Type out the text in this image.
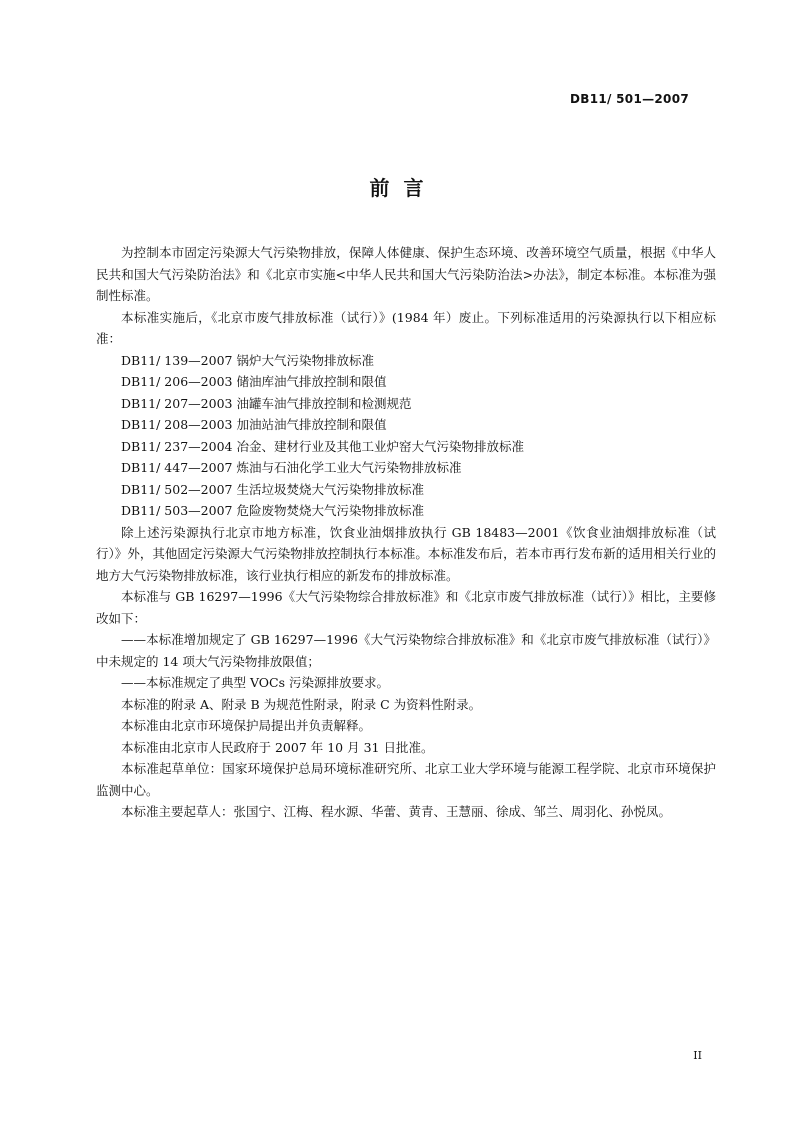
DB11/ 501—2007
前言

为控制本市固定污染源大气污染物排放，保障人体健康、保护生态环境、改善环境空气质量，根据《中华人民共和国大气污染防治法》和《北京市实施<中华人民共和国大气污染防治法>办法》，制定本标准。本标准为强制性标准。

本标准实施后，《北京市废气排放标准（试行）》(1984 年）废止。下列标准适用的污染源执行以下相应标准：

DB11/ 139—2007 锅炉大气污染物排放标准

DB11/ 206—2003 储油库油气排放控制和限值

DB11/ 207—2003 油罐车油气排放控制和检测规范

DB11/ 208—2003 加油站油气排放控制和限值

DB11/ 237—2004 冶金、建材行业及其他工业炉窑大气污染物排放标准

DB11/ 447—2007 炼油与石油化学工业大气污染物排放标准

DB11/ 502—2007 生活垃圾焚烧大气污染物排放标准

DB11/ 503—2007 危险废物焚烧大气污染物排放标准

除上述污染源执行北京市地方标准，饮食业油烟排放执行 GB 18483—2001《饮食业油烟排放标准（试行）》外，其他固定污染源大气污染物排放控制执行本标准。本标准发布后，若本市再行发布新的适用相关行业的地方大气污染物排放标准，该行业执行相应的新发布的排放标准。

本标准与 GB 16297—1996《大气污染物综合排放标准》和《北京市废气排放标准（试行）》相比，主要修改如下：

——本标准增加规定了 GB 16297—1996《大气污染物综合排放标准》和《北京市废气排放标准（试行）》中未规定的 14 项大气污染物排放限值；

——本标准规定了典型 VOCs 污染源排放要求。

本标准的附录 A、附录 B 为规范性附录，附录 C 为资料性附录。

本标准由北京市环境保护局提出并负责解释。

本标准由北京市人民政府于 2007 年 10 月 31 日批准。

本标准起草单位：国家环境保护总局环境标准研究所、北京工业大学环境与能源工程学院、北京市环境保护监测中心。

本标准主要起草人：张国宁、江梅、程水源、华蕾、黄青、王慧丽、徐成、邹兰、周羽化、孙悦凤。

II
